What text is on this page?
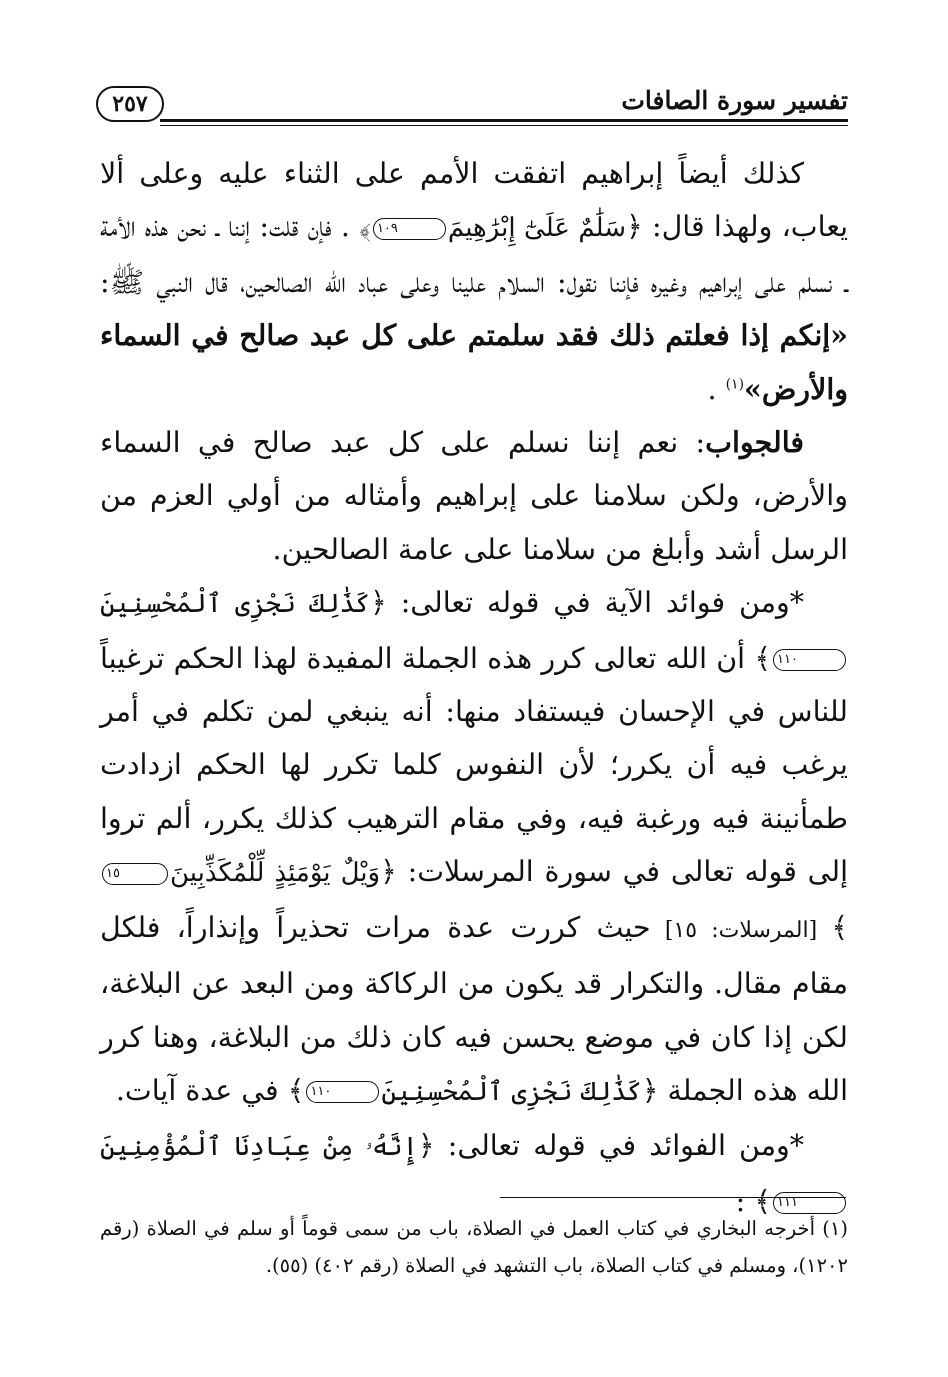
تفسير سورة الصافات
٢٥٧

كذلك أيضاً إبراهيم اتفقت الأمم على الثناء عليه وعلى ألا يعاب، ولهذا قال: ﴿سَلَٰمٌ عَلَىٰٓ إِبْرَٰهِيمَ١٠٩﴾ . فإن قلت: إننا ـ نحن هذه الأمة ـ نسلم على إبراهيم وغيره فإننا نقول: السلام علينا وعلى عباد الله الصالحين، قال النبي ﷺ: «إنكم إذا فعلتم ذلك فقد سلمتم على كل عبد صالح في السماء والأرض»$^{(١)}$ .

فالجواب: نعم إننا نسلم على كل عبد صالح في السماء والأرض، ولكن سلامنا على إبراهيم وأمثاله من أولي العزم من الرسل أشد وأبلغ من سلامنا على عامة الصالحين.

*ومن فوائد الآية في قوله تعالى: ﴿كَذَٰلِكَ نَجْزِى ٱلْمُحْسِنِينَ١١٠﴾ أن الله تعالى كرر هذه الجملة المفيدة لهذا الحكم ترغيباً للناس في الإحسان فيستفاد منها: أنه ينبغي لمن تكلم في أمر يرغب فيه أن يكرر؛ لأن النفوس كلما تكرر لها الحكم ازدادت طمأنينة فيه ورغبة فيه، وفي مقام الترهيب كذلك يكرر، ألم تروا إلى قوله تعالى في سورة المرسلات: ﴿وَيْلٌ يَوْمَئِذٍ لِّلْمُكَذِّبِينَ١٥﴾ [المرسلات: ١٥] حيث كررت عدة مرات تحذيراً وإنذاراً، فلكل مقام مقال. والتكرار قد يكون من الركاكة ومن البعد عن البلاغة، لكن إذا كان في موضع يحسن فيه كان ذلك من البلاغة، وهنا كرر الله هذه الجملة ﴿كَذَٰلِكَ نَجْزِى ٱلْمُحْسِنِينَ١١٠﴾ في عدة آيات.

*ومن الفوائد في قوله تعالى: ﴿إِنَّهُۥ مِنْ عِبَادِنَا ٱلْمُؤْمِنِينَ١١١﴾ :

(١) أخرجه البخاري في كتاب العمل في الصلاة، باب من سمى قوماً أو سلم في الصلاة (رقم ١٢٠٢)، ومسلم في كتاب الصلاة، باب التشهد في الصلاة (رقم ٤٠٢) (٥٥).
